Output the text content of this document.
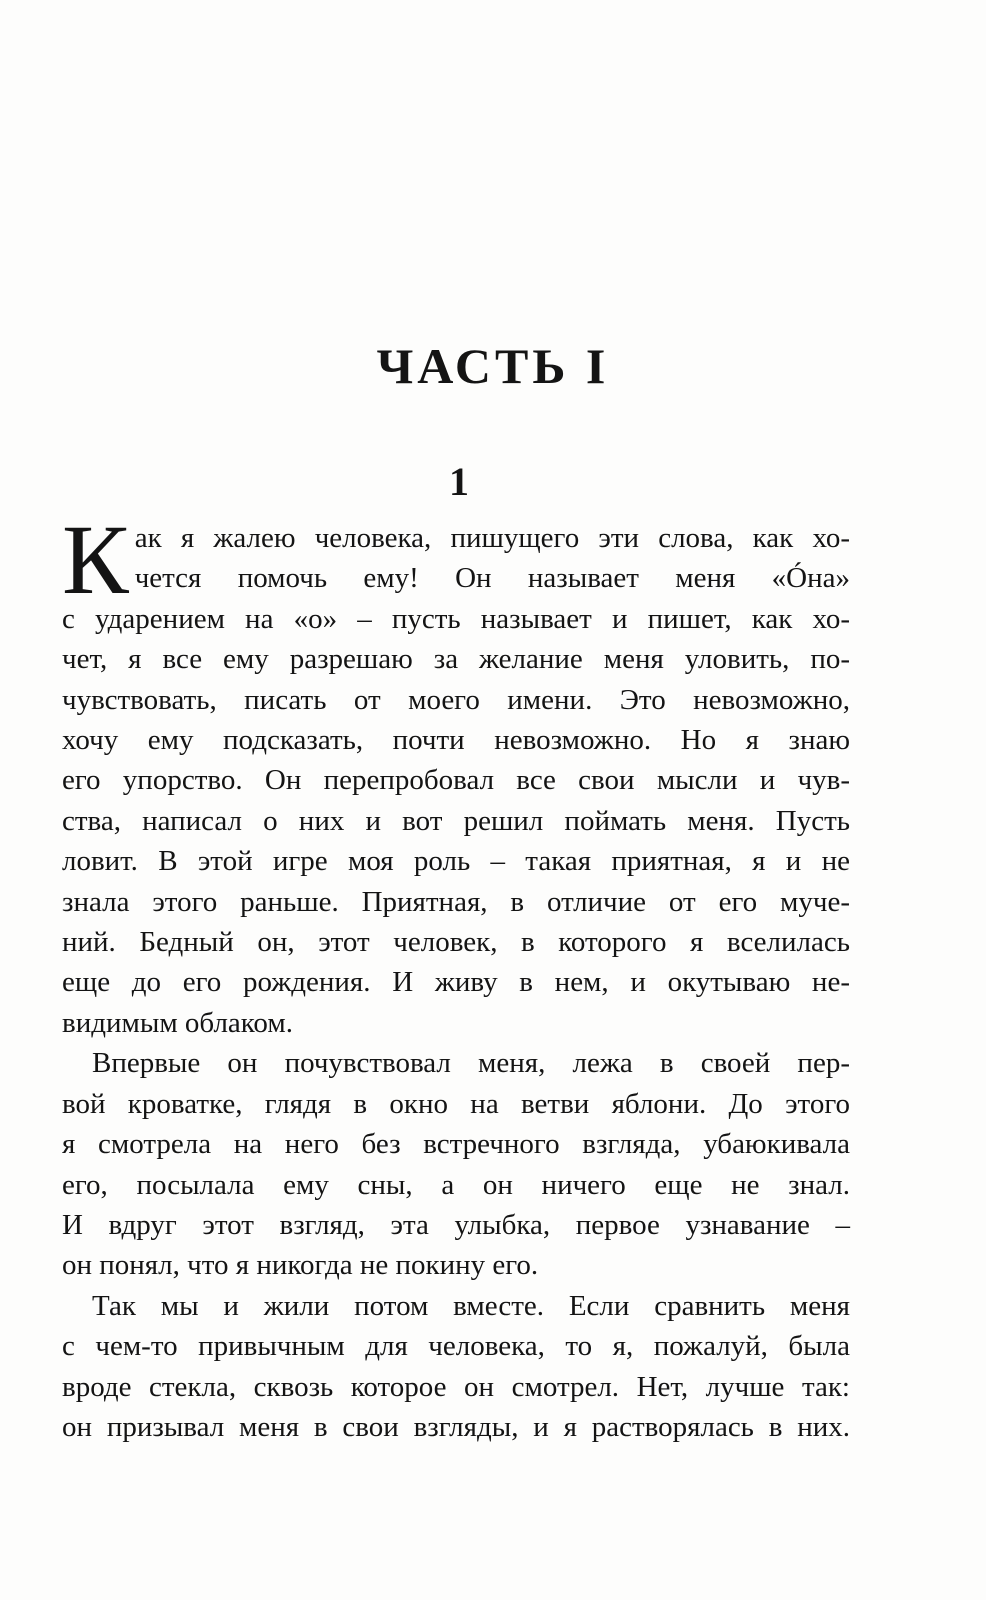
ЧАСТЬ I
1
К ак я жалею человека, пишущего эти слова, как хо-
чется помочь ему! Он называет меня «Óна»
с ударением на «о» – пусть называет и пишет, как хо-
чет, я все ему разрешаю за желание меня уловить, по-
чувствовать, писать от моего имени. Это невозможно,
хочу ему подсказать, почти невозможно. Но я знаю
его упорство. Он перепробовал все свои мысли и чув-
ства, написал о них и вот решил поймать меня. Пусть
ловит. В этой игре моя роль – такая приятная, я и не
знала этого раньше. Приятная, в отличие от его муче-
ний. Бедный он, этот человек, в которого я вселилась
еще до его рождения. И живу в нем, и окутываю не-
видимым облаком.
Впервые он почувствовал меня, лежа в своей пер-
вой кроватке, глядя в окно на ветви яблони. До этого
я смотрела на него без встречного взгляда, убаюкивала
его, посылала ему сны, а он ничего еще не знал.
И вдруг этот взгляд, эта улыбка, первое узнавание –
он понял, что я никогда не покину его.
Так мы и жили потом вместе. Если сравнить меня
с чем-то привычным для человека, то я, пожалуй, была
вроде стекла, сквозь которое он смотрел. Нет, лучше так:
он призывал меня в свои взгляды, и я растворялась в них.
